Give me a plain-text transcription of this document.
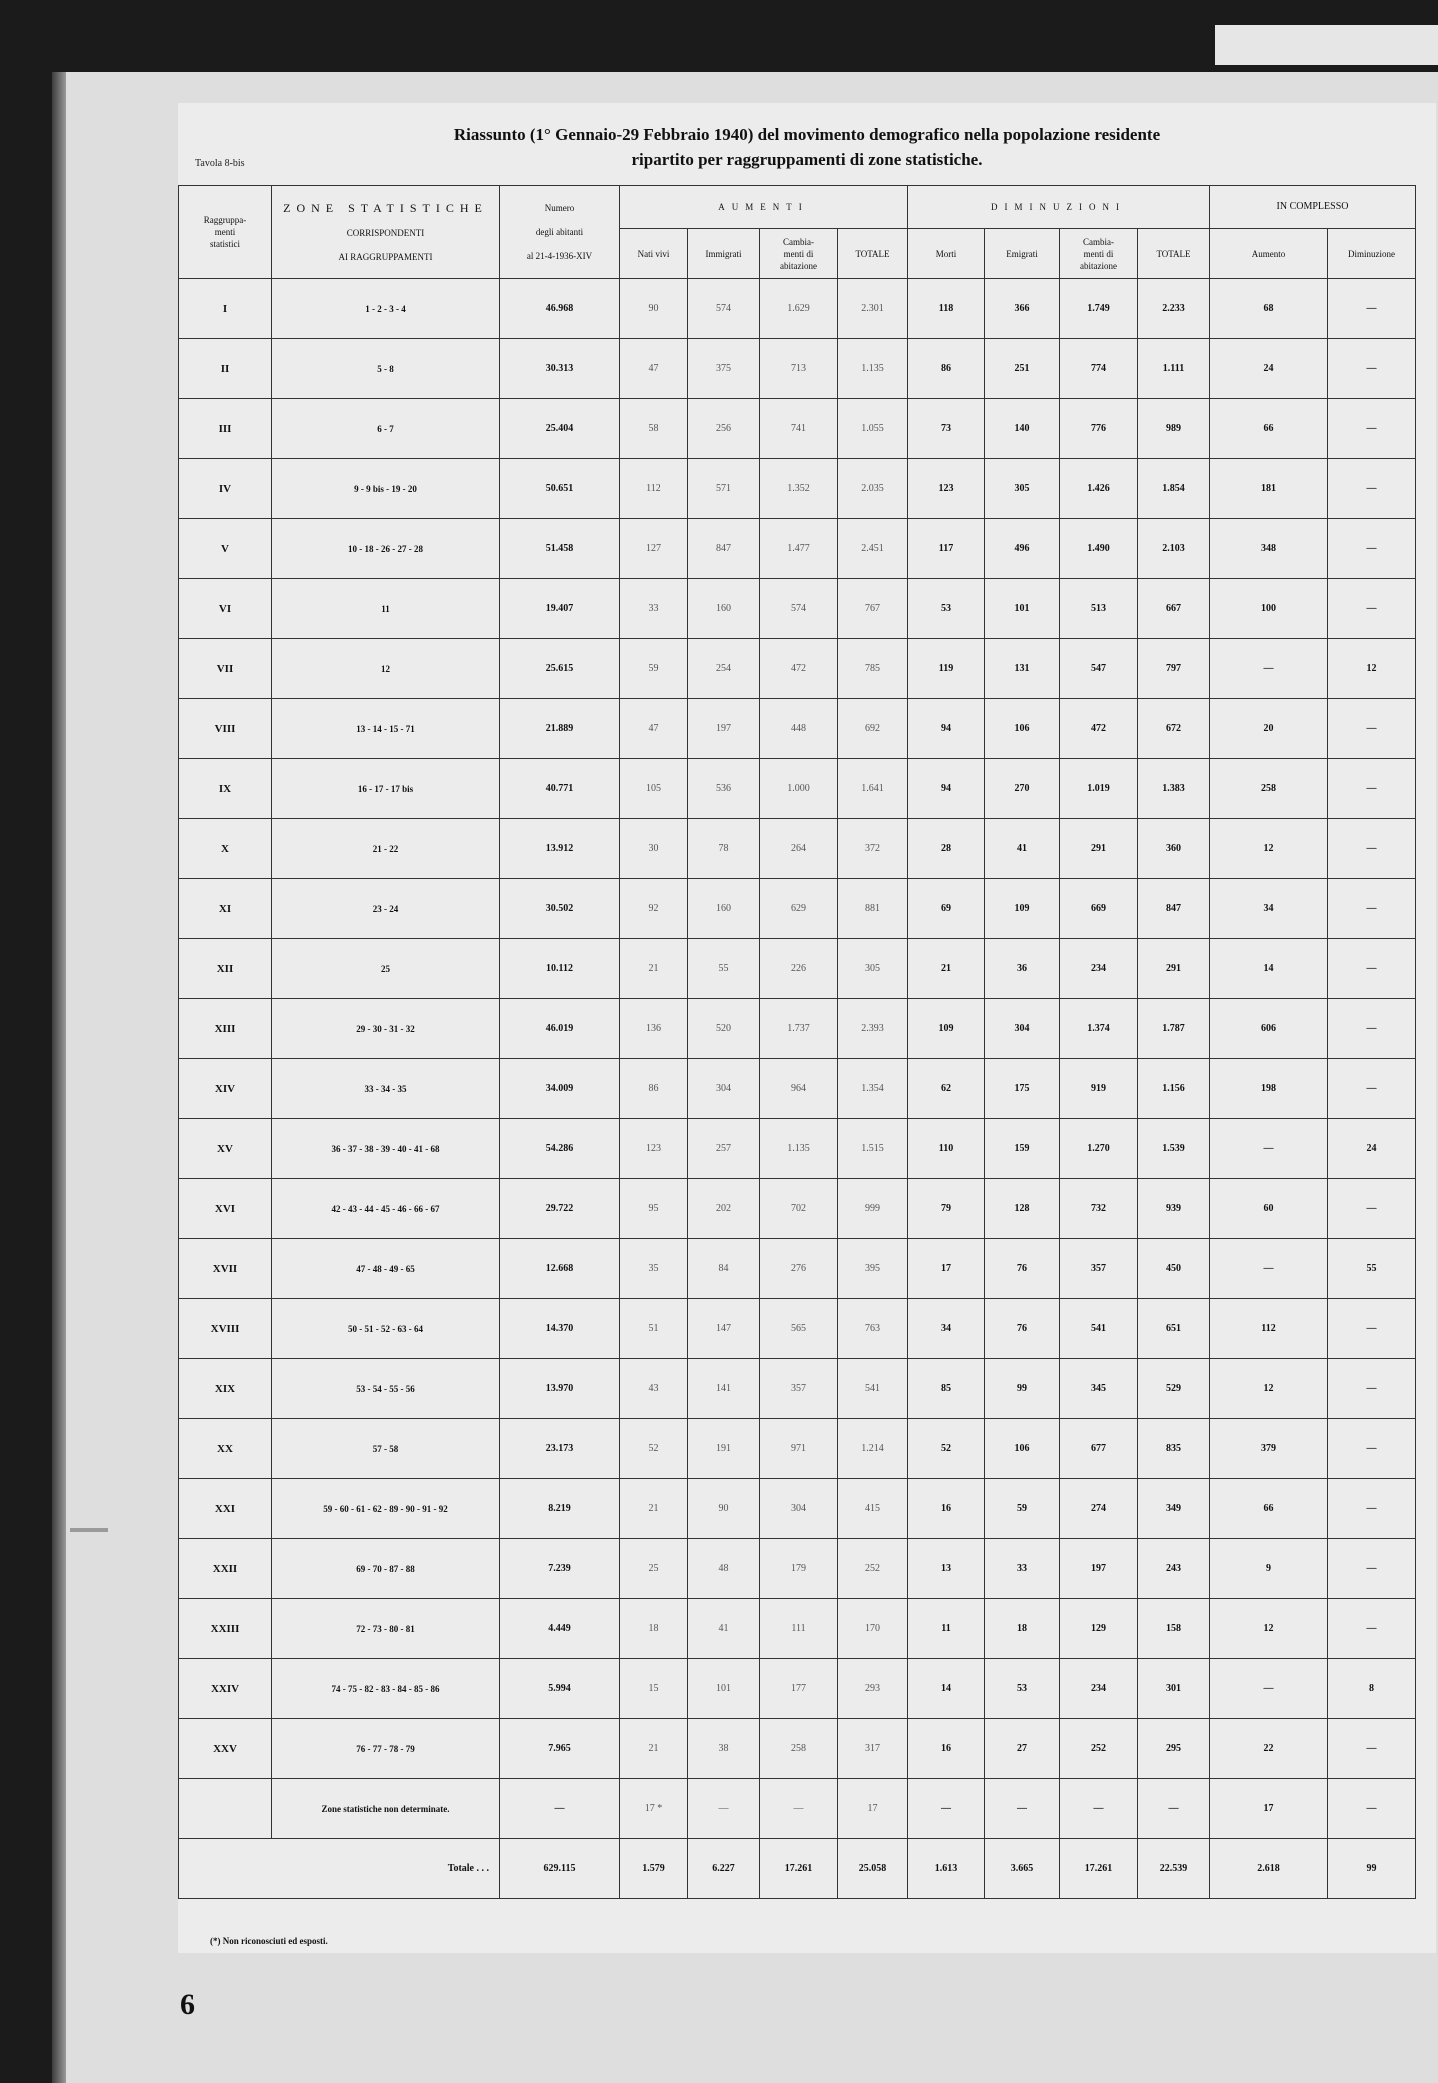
Riassunto (1° Gennaio-29 Febbraio 1940) del movimento demografico nella popolazione residente
ripartito per raggruppamenti di zone statistiche.
Tavola 8-bis
Raggruppa-
menti
statistici	ZONE STATISTICHE

CORRISPONDENTI

AI RAGGRUPPAMENTI	Numero

degli abitanti

al 21-4-1936-XIV	AUMENTI				DIMINUZIONI				IN COMPLESSO	
			Nati vivi	Immigrati	Cambia-
menti di
abitazione	TOTALE	Morti	Emigrati	Cambia-
menti di
abitazione	TOTALE	Aumento	Diminuzione
I	1 - 2 - 3 - 4	46.968	90	574	1.629	2.301	118	366	1.749	2.233	68	—
II	5 - 8	30.313	47	375	713	1.135	86	251	774	1.111	24	—
III	6 - 7	25.404	58	256	741	1.055	73	140	776	989	66	—
IV	9 - 9 bis - 19 - 20	50.651	112	571	1.352	2.035	123	305	1.426	1.854	181	—
V	10 - 18 - 26 - 27 - 28	51.458	127	847	1.477	2.451	117	496	1.490	2.103	348	—
VI	11	19.407	33	160	574	767	53	101	513	667	100	—
VII	12	25.615	59	254	472	785	119	131	547	797	—	12
VIII	13 - 14 - 15 - 71	21.889	47	197	448	692	94	106	472	672	20	—
IX	16 - 17 - 17 bis	40.771	105	536	1.000	1.641	94	270	1.019	1.383	258	—
X	21 - 22	13.912	30	78	264	372	28	41	291	360	12	—
XI	23 - 24	30.502	92	160	629	881	69	109	669	847	34	—
XII	25	10.112	21	55	226	305	21	36	234	291	14	—
XIII	29 - 30 - 31 - 32	46.019	136	520	1.737	2.393	109	304	1.374	1.787	606	—
XIV	33 - 34 - 35	34.009	86	304	964	1.354	62	175	919	1.156	198	—
XV	36 - 37 - 38 - 39 - 40 - 41 - 68	54.286	123	257	1.135	1.515	110	159	1.270	1.539	—	24
XVI	42 - 43 - 44 - 45 - 46 - 66 - 67	29.722	95	202	702	999	79	128	732	939	60	—
XVII	47 - 48 - 49 - 65	12.668	35	84	276	395	17	76	357	450	—	55
XVIII	50 - 51 - 52 - 63 - 64	14.370	51	147	565	763	34	76	541	651	112	—
XIX	53 - 54 - 55 - 56	13.970	43	141	357	541	85	99	345	529	12	—
XX	57 - 58	23.173	52	191	971	1.214	52	106	677	835	379	—
XXI	59 - 60 - 61 - 62 - 89 - 90 - 91 - 92	8.219	21	90	304	415	16	59	274	349	66	—
XXII	69 - 70 - 87 - 88	7.239	25	48	179	252	13	33	197	243	9	—
XXIII	72 - 73 - 80 - 81	4.449	18	41	111	170	11	18	129	158	12	—
XXIV	74 - 75 - 82 - 83 - 84 - 85 - 86	5.994	15	101	177	293	14	53	234	301	—	8
XXV	76 - 77 - 78 - 79	7.965	21	38	258	317	16	27	252	295	22	—
	Zone statistiche non determinate.	—	17 *	—	—	17	—	—	—	—	17	—
Totale . . .		629.115	1.579	6.227	17.261	25.058	1.613	3.665	17.261	22.539	2.618	99
(*) Non riconosciuti ed esposti.
6
